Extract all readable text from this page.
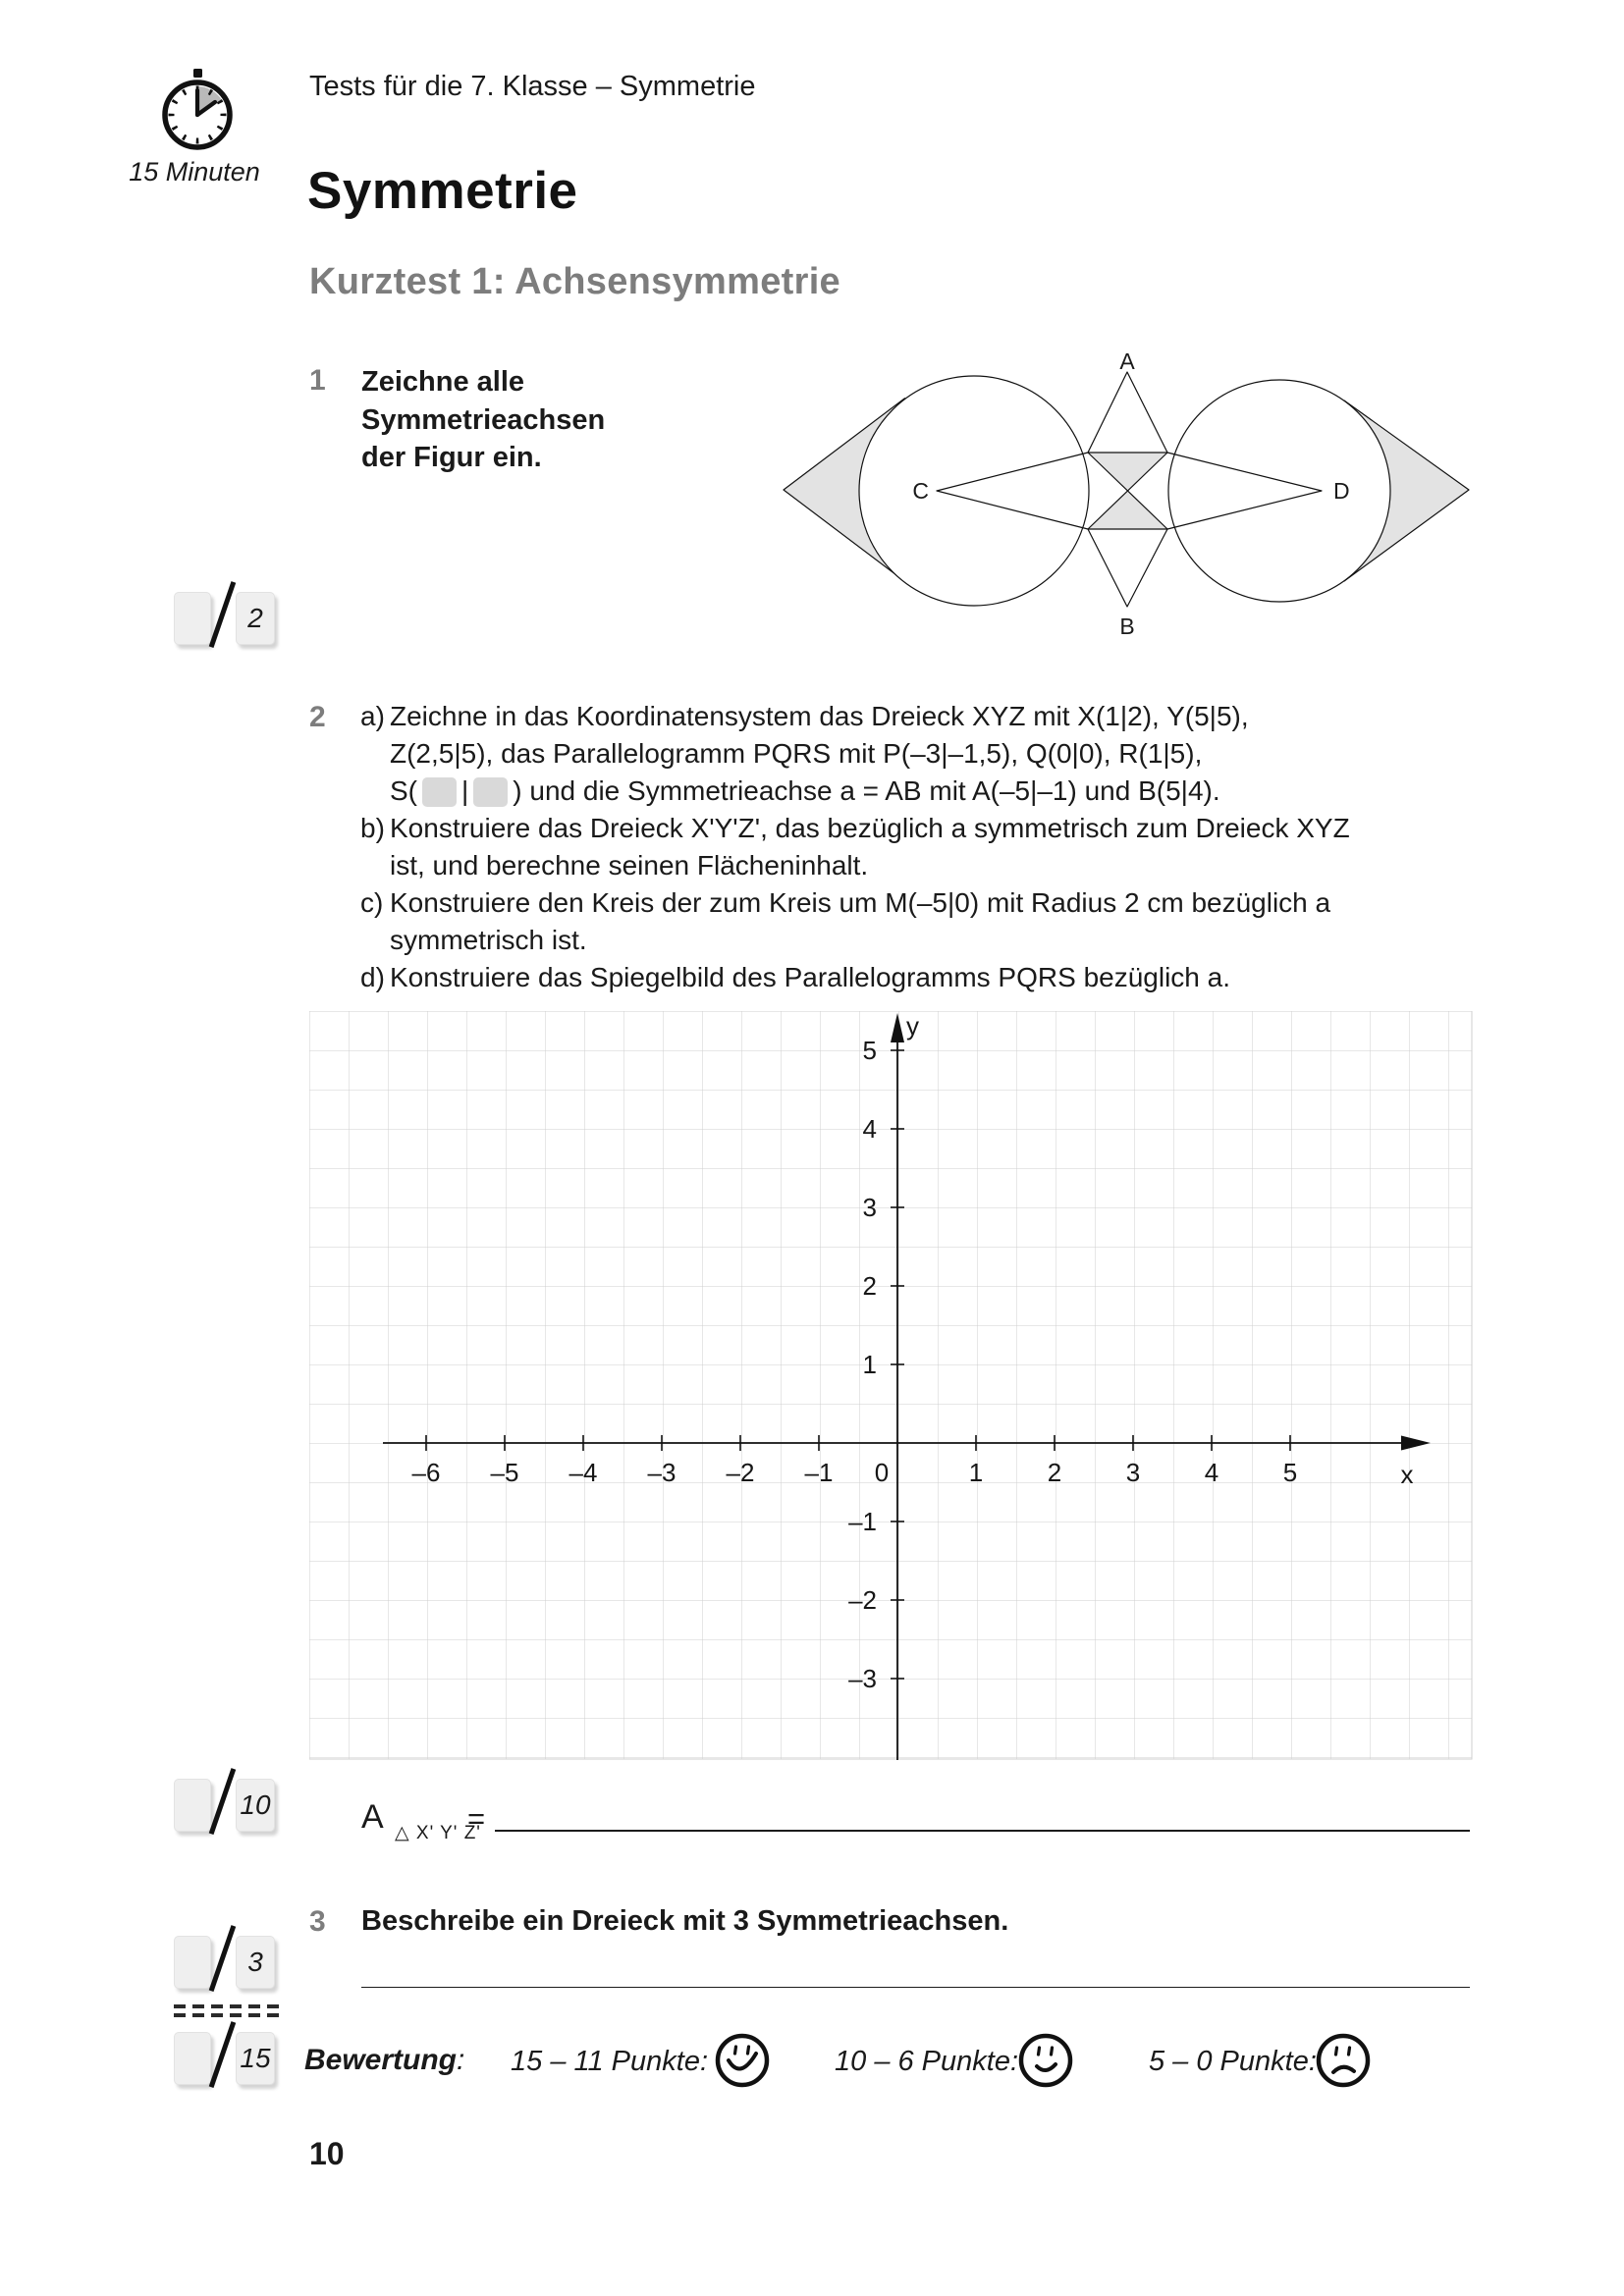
15 Minuten
Tests für die 7. Klasse – Symmetrie
Symmetrie
Kurztest 1: Achsensymmetrie
1 Zeichne alle
Symmetrieachsen
der Figur ein.
A
B
C	D
2
2 a) Zeichne in das Koordinatensystem das Dreieck XYZ mit X(1|2), Y(5|5),
Z(2,5|5), das Parallelogramm PQRS mit P(–3|–1,5), Q(0|0), R(1|5),
S( | ) und die Symmetrieachse a = AB mit A(–5|–1) und B(5|4).
b) Konstruiere das Dreieck X'Y'Z', das bezüglich a symmetrisch zum Dreieck XYZ
ist, und berechne seinen Flächeninhalt.
c) Konstruiere den Kreis der zum Kreis um M(–5|0) mit Radius 2 cm bezüglich a
symmetrisch ist.
d) Konstruiere das Spiegelbild des Parallelogramms PQRS bezüglich a.
–6 –5 –4 –3 –2 –1 0	1	2	3	4	5	x
5
4
3
2
1
–1
–2
–3
y
10	A △ X' Y' Z'
=
3 Beschreibe ein Dreieck mit 3 Symmetrieachsen.
3
15 Bewertung: 15 – 11 Punkte:	10 – 6 Punkte:	5 – 0 Punkte:
10
